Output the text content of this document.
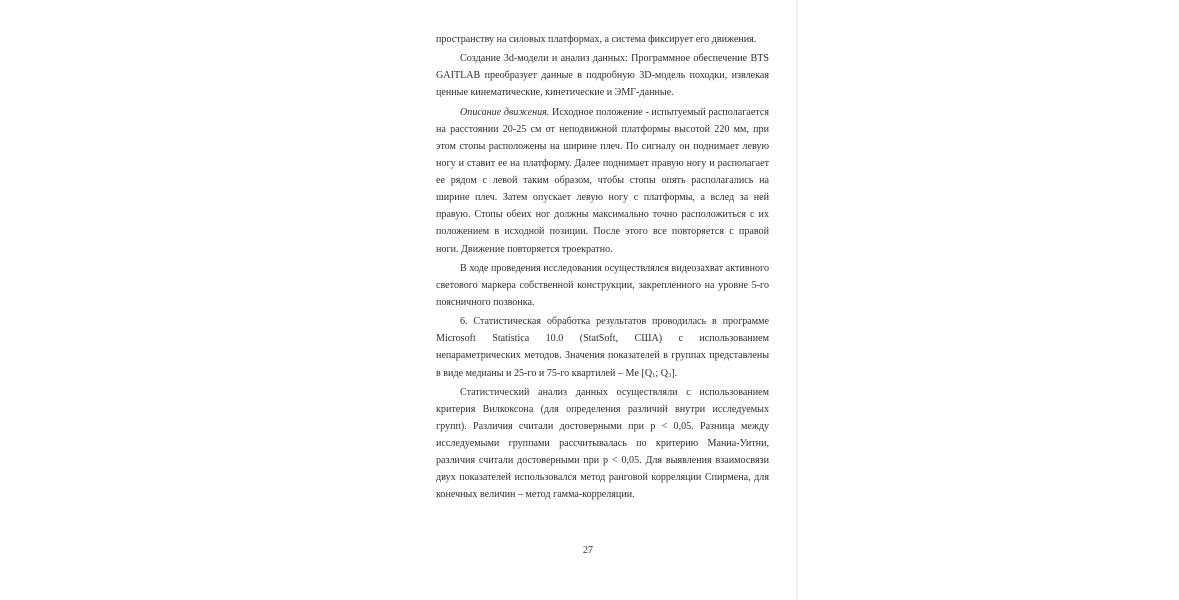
пространству на силовых платформах, а система фиксирует его движения.

Создание 3d-модели и анализ данных: Программное обеспечение BTS GAITLAB преобразует данные в подробную 3D-модель походки, извлекая ценные кинематические, кинетические и ЭМГ-данные.

Описание движения. Исходное положение - испытуемый располагается на расстоянии 20-25 см от неподвижной платформы высотой 220 мм, при этом стопы расположены на ширине плеч. По сигналу он поднимает левую ногу и ставит ее на платформу. Далее поднимает правую ногу и располагает ее рядом с левой таким образом, чтобы стопы опять располагались на ширине плеч. Затем опускает левую ногу с платформы, а вслед за ней правую. Стопы обеих ног должны максимально точно расположиться с их положением в исходной позиции. После этого все повторяется с правой ноги. Движение повторяется троекратно.

В ходе проведения исследования осуществлялся видеозахват активного светового маркера собственной конструкции, закрепленного на уровне 5-го поясничного позвонка.

6. Статистическая обработка результатов проводилась в программе Microsoft Statistica 10.0 (StatSoft, США) с использованием непараметрических методов. Значения показателей в группах представлены в виде медианы и 25-го и 75-го квартилей – Me [$Q_1$; $Q_3$].

Статистический анализ данных осуществляли с использованием критерия Вилкоксона (для определения различий внутри исследуемых групп). Различия считали достоверными при p < 0,05. Разница между исследуемыми группами рассчитывалась по критерию Манна-Уитни, различия считали достоверными при p < 0,05. Для выявления взаимосвязи двух показателей использовался метод ранговой корреляции Спирмена, для конечных величин – метод гамма-корреляции.

27
